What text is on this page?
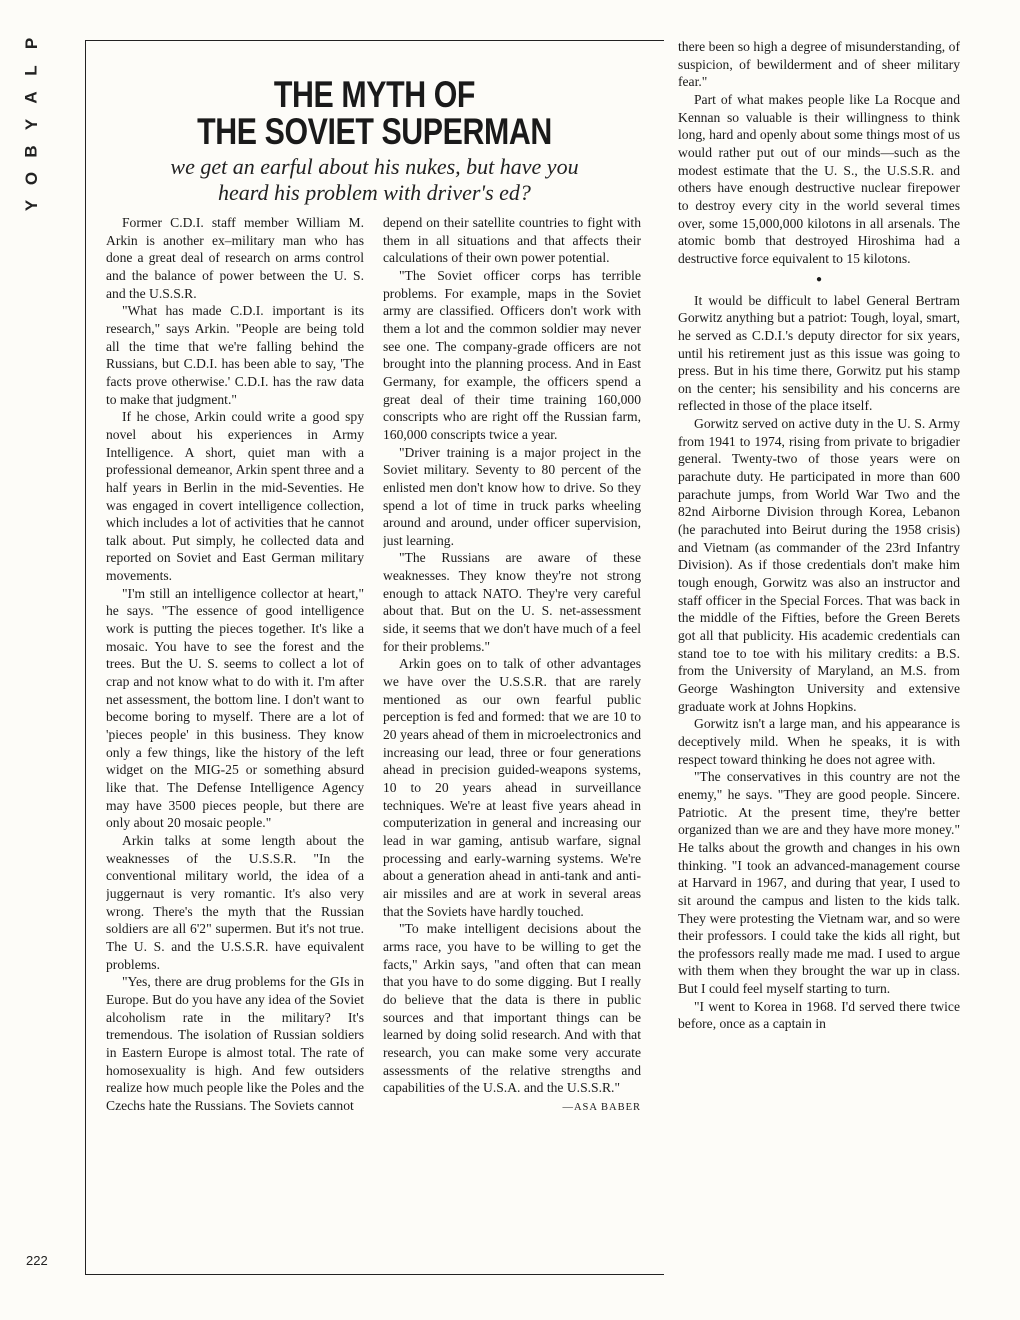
P
L
A
Y
B
O
Y
222
THE MYTH OF
THE SOVIET SUPERMAN

we get an earful about his nukes, but have you
heard his problem with driver's ed?

Former C.D.I. staff member William M. Arkin is another ex–military man who has done a great deal of research on arms control and the balance of power between the U. S. and the U.S.S.R.

"What has made C.D.I. important is its research," says Arkin. "People are being told all the time that we're falling behind the Russians, but C.D.I. has been able to say, 'The facts prove otherwise.' C.D.I. has the raw data to make that judgment."

If he chose, Arkin could write a good spy novel about his experiences in Army Intelligence. A short, quiet man with a professional demeanor, Arkin spent three and a half years in Berlin in the mid-Seventies. He was engaged in covert intelligence collection, which includes a lot of activities that he cannot talk about. Put simply, he collected data and reported on Soviet and East German military movements.

"I'm still an intelligence collector at heart," he says. "The essence of good intelligence work is putting the pieces together. It's like a mosaic. You have to see the forest and the trees. But the U. S. seems to collect a lot of crap and not know what to do with it. I'm after net assessment, the bottom line. I don't want to become boring to myself. There are a lot of 'pieces people' in this business. They know only a few things, like the history of the left widget on the MIG-25 or something absurd like that. The Defense Intelligence Agency may have 3500 pieces people, but there are only about 20 mosaic people."

Arkin talks at some length about the weaknesses of the U.S.S.R. "In the conventional military world, the idea of a juggernaut is very romantic. It's also very wrong. There's the myth that the Russian soldiers are all 6'2" supermen. But it's not true. The U. S. and the U.S.S.R. have equivalent problems.

"Yes, there are drug problems for the GIs in Europe. But do you have any idea of the Soviet alcoholism rate in the military? It's tremendous. The isolation of Russian soldiers in Eastern Europe is almost total. The rate of homosexuality is high. And few outsiders realize how much people like the Poles and the Czechs hate the Russians. The Soviets cannot

depend on their satellite countries to fight with them in all situations and that affects their calculations of their own power potential.

"The Soviet officer corps has terrible problems. For example, maps in the Soviet army are classified. Officers don't work with them a lot and the common soldier may never see one. The company-grade officers are not brought into the planning process. And in East Germany, for example, the officers spend a great deal of their time training 160,000 conscripts who are right off the Russian farm, 160,000 conscripts twice a year.

"Driver training is a major project in the Soviet military. Seventy to 80 percent of the enlisted men don't know how to drive. So they spend a lot of time in truck parks wheeling around and around, under officer supervision, just learning.

"The Russians are aware of these weaknesses. They know they're not strong enough to attack NATO. They're very careful about that. But on the U. S. net-assessment side, it seems that we don't have much of a feel for their problems."

Arkin goes on to talk of other advantages we have over the U.S.S.R. that are rarely mentioned as our own fearful public perception is fed and formed: that we are 10 to 20 years ahead of them in microelectronics and increasing our lead, three or four generations ahead in precision guided-weapons systems, 10 to 20 years ahead in surveillance techniques. We're at least five years ahead in computerization in general and increasing our lead in war gaming, antisub warfare, signal processing and early-warning systems. We're about a generation ahead in anti-tank and anti-air missiles and are at work in several areas that the Soviets have hardly touched.

"To make intelligent decisions about the arms race, you have to be willing to get the facts," Arkin says, "and often that can mean that you have to do some digging. But I really do believe that the data is there in public sources and that important things can be learned by doing solid research. And with that research, you can make some very accurate assessments of the relative strengths and capabilities of the U.S.A. and the U.S.S.R."
—ASA BABER

there been so high a degree of misunderstanding, of suspicion, of bewilderment and of sheer military fear."

Part of what makes people like La Rocque and Kennan so valuable is their willingness to think long, hard and openly about some things most of us would rather put out of our minds—such as the modest estimate that the U. S., the U.S.S.R. and others have enough destructive nuclear firepower to destroy every city in the world several times over, some 15,000,000 kilotons in all arsenals. The atomic bomb that destroyed Hiroshima had a destructive force equivalent to 15 kilotons.

●

It would be difficult to label General Bertram Gorwitz anything but a patriot: Tough, loyal, smart, he served as C.D.I.'s deputy director for six years, until his retirement just as this issue was going to press. But in his time there, Gorwitz put his stamp on the center; his sensibility and his concerns are reflected in those of the place itself.

Gorwitz served on active duty in the U. S. Army from 1941 to 1974, rising from private to brigadier general. Twenty-two of those years were on parachute duty. He participated in more than 600 parachute jumps, from World War Two and the 82nd Airborne Division through Korea, Lebanon (he parachuted into Beirut during the 1958 crisis) and Vietnam (as commander of the 23rd Infantry Division). As if those credentials don't make him tough enough, Gorwitz was also an instructor and staff officer in the Special Forces. That was back in the middle of the Fifties, before the Green Berets got all that publicity. His academic credentials can stand toe to toe with his military credits: a B.S. from the University of Maryland, an M.S. from George Washington University and extensive graduate work at Johns Hopkins.

Gorwitz isn't a large man, and his appearance is deceptively mild. When he speaks, it is with respect toward thinking he does not agree with.

"The conservatives in this country are not the enemy," he says. "They are good people. Sincere. Patriotic. At the present time, they're better organized than we are and they have more money." He talks about the growth and changes in his own thinking. "I took an advanced-management course at Harvard in 1967, and during that year, I used to sit around the campus and listen to the kids talk. They were protesting the Vietnam war, and so were their professors. I could take the kids all right, but the professors really made me mad. I used to argue with them when they brought the war up in class. But I could feel myself starting to turn.

"I went to Korea in 1968. I'd served there twice before, once as a captain in
